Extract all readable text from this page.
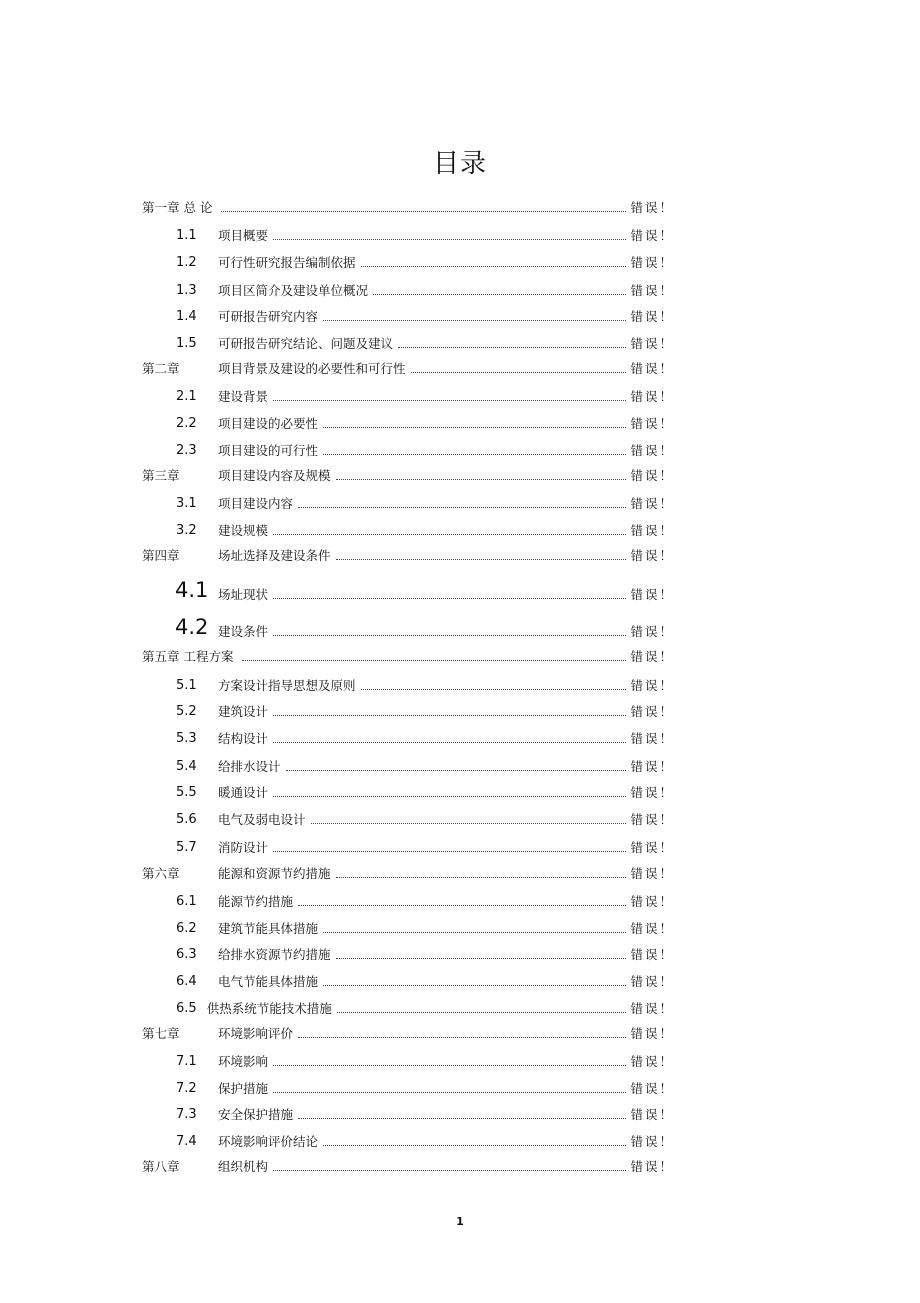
目录
第一章 总 论	错误！
1.1	项目概要	错误！
1.2	可行性研究报告编制依据	错误！
1.3	项目区简介及建设单位概况	错误！
1.4	可研报告研究内容	错误！
1.5	可研报告研究结论、问题及建议	错误！
第二章	项目背景及建设的必要性和可行性	错误！
2.1	建设背景	错误！
2.2	项目建设的必要性	错误！
2.3	项目建设的可行性	错误！
第三章	项目建设内容及规模	错误！
3.1	项目建设内容	错误！
3.2	建设规模	错误！
第四章	场址选择及建设条件	错误！
4.1 场址现状	错误！
4.2 建设条件	错误！
第五章 工程方案	错误！
5.1	方案设计指导思想及原则	错误！
5.2	建筑设计	错误！
5.3	结构设计	错误！
5.4	给排水设计	错误！
5.5	暖通设计	错误！
5.6	电气及弱电设计	错误！
5.7	消防设计	错误！
第六章	能源和资源节约措施	错误！
6.1	能源节约措施	错误！
6.2	建筑节能具体措施	错误！
6.3	给排水资源节约措施	错误！
6.4	电气节能具体措施	错误！
6.5 供热系统节能技术措施	错误！
第七章	环境影响评价	错误！
7.1	环境影响	错误！
7.2	保护措施	错误！
7.3	安全保护措施	错误！
7.4	环境影响评价结论	错误！
第八章	组织机构	错误！
1
